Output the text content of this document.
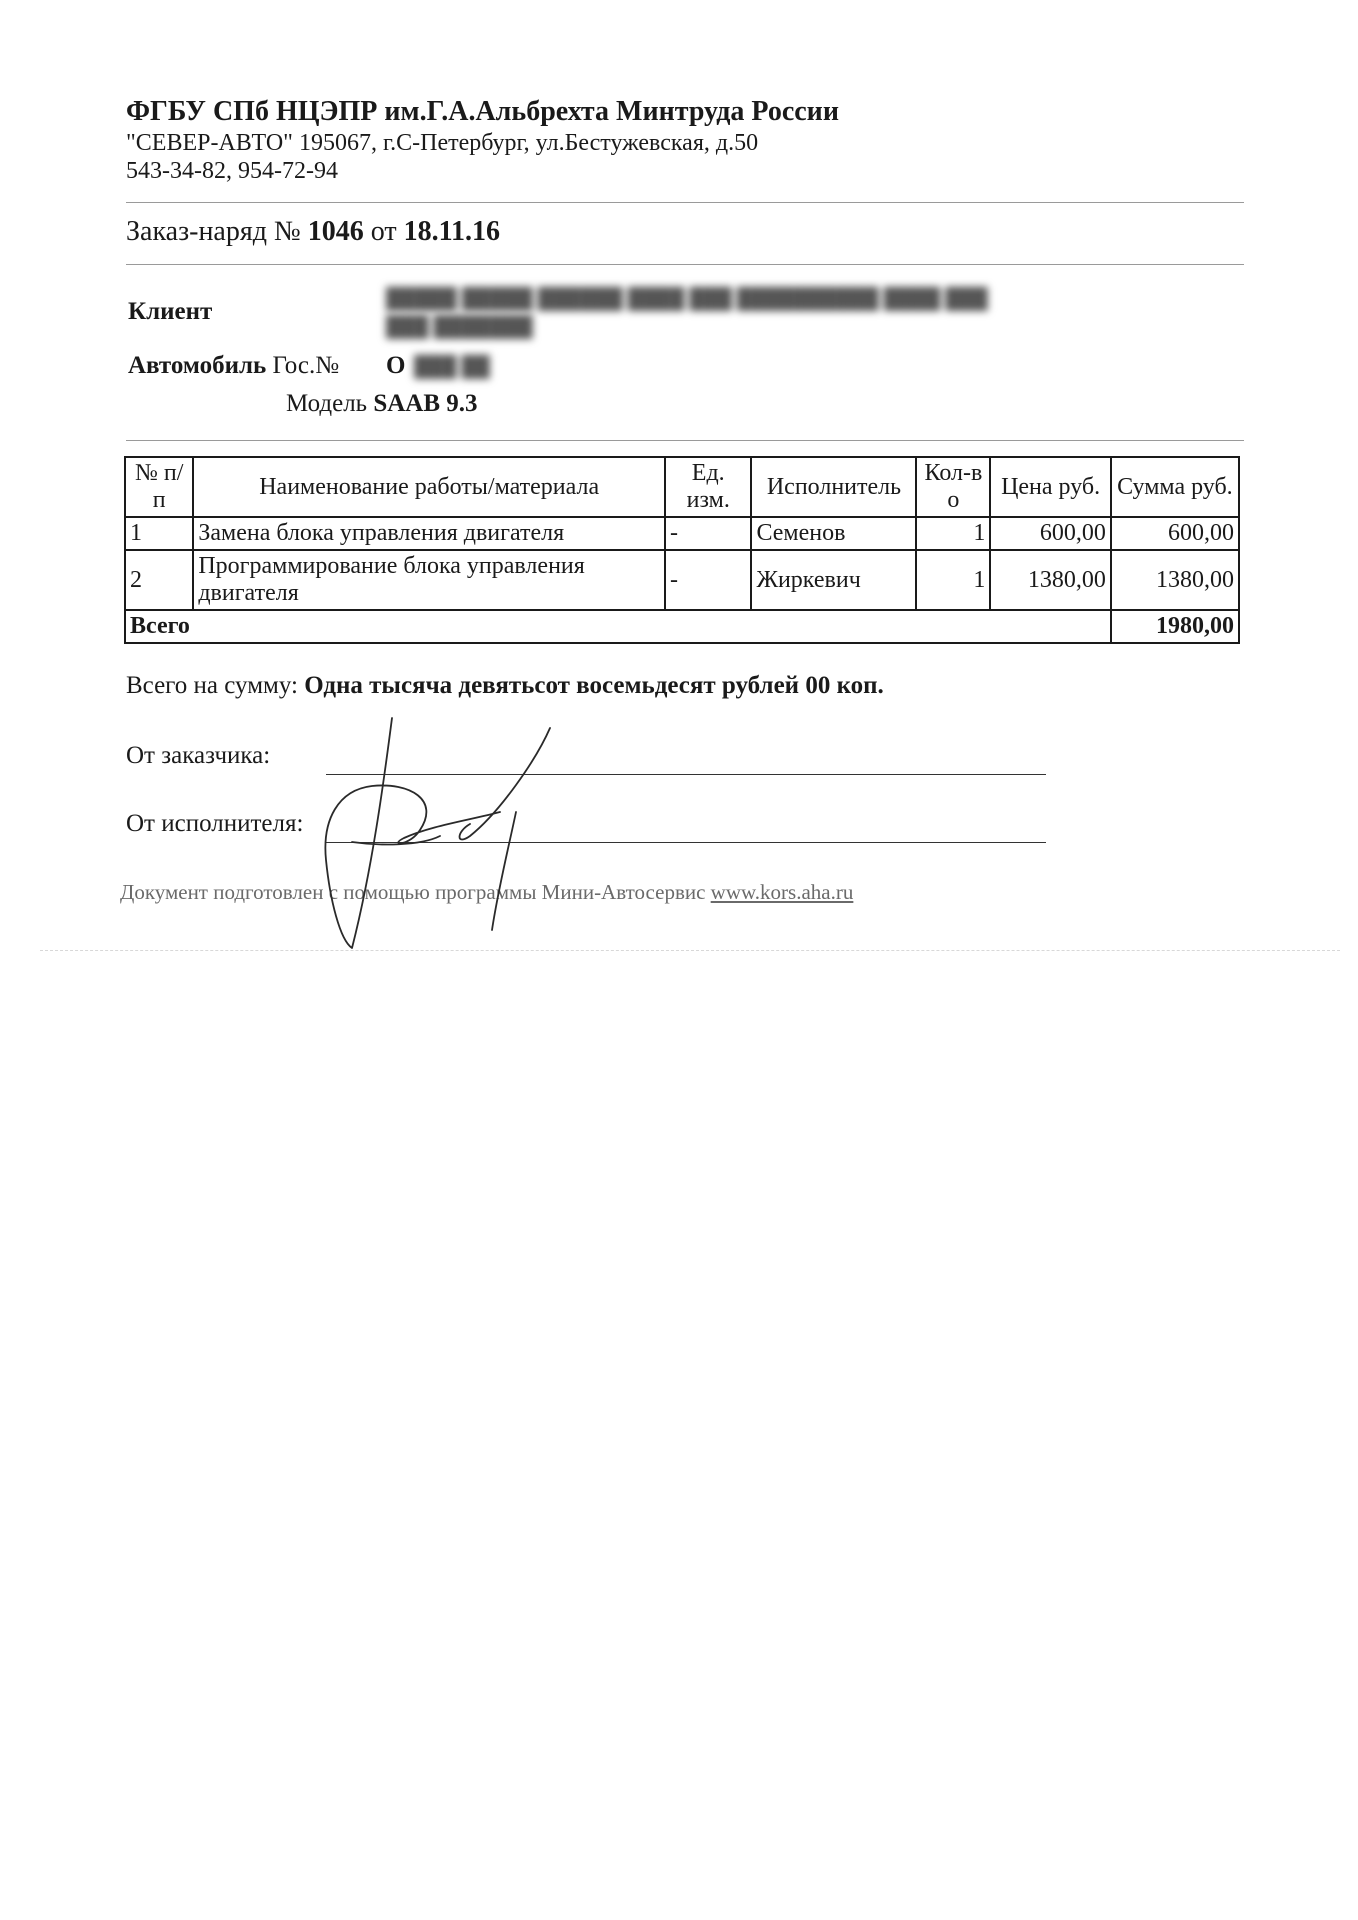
ФГБУ СПб НЦЭПР им.Г.А.Альбрехта Минтруда России
"СЕВЕР-АВТО" 195067, г.С-Петербург, ул.Бестужевская, д.50
543-34-82, 954-72-94
Заказ-наряд № 1046 от 18.11.16
Клиент	█████ █████ ██████ ████ ███ ██████████ ████ ███
███ ███████
Автомобиль Гос.№ О ███ ██
Модель SAAB 9.3
№ п/п	Наименование работы/материала	Ед. изм.	Исполнитель	Кол-во	Цена руб.	Сумма руб.
1	Замена блока управления двигателя	-	Семенов	1	600,00	600,00
2	Программирование блока управления двигателя	-	Жиркевич	1	1380,00	1380,00
Всего						1980,00
Всего на сумму: Одна тысяча девятьсот восемьдесят рублей 00 коп.
От заказчика:
От исполнителя:
Документ подготовлен с помощью программы Мини-Автосервис www.kors.aha.ru
